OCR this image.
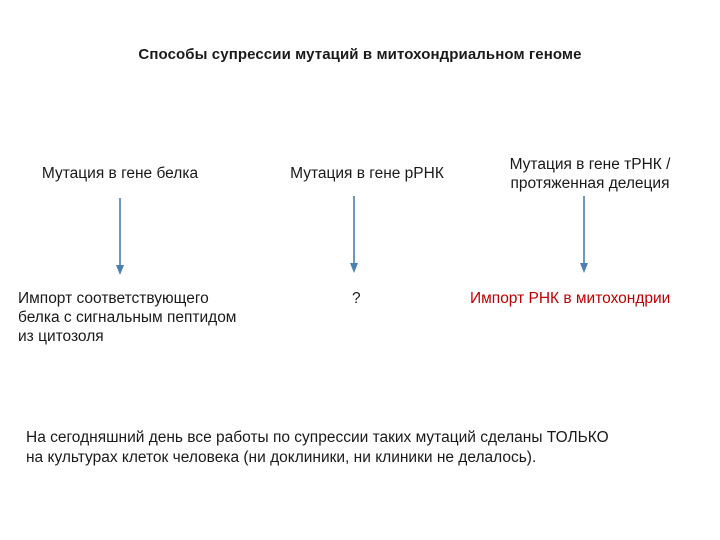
Способы супрессии мутаций в митохондриальном геноме
Мутация в гене белка
Импорт соответствующего
белка с сигнальным пептидом
из цитозоля
Мутация в гене рРНК
?
Мутация в гене тРНК /
протяженная делеция
Импорт РНК в митохондрии
На сегодняшний день все работы по супрессии таких мутаций сделаны ТОЛЬКО
на культурах клеток человека (ни доклиники, ни клиники не делалось).
